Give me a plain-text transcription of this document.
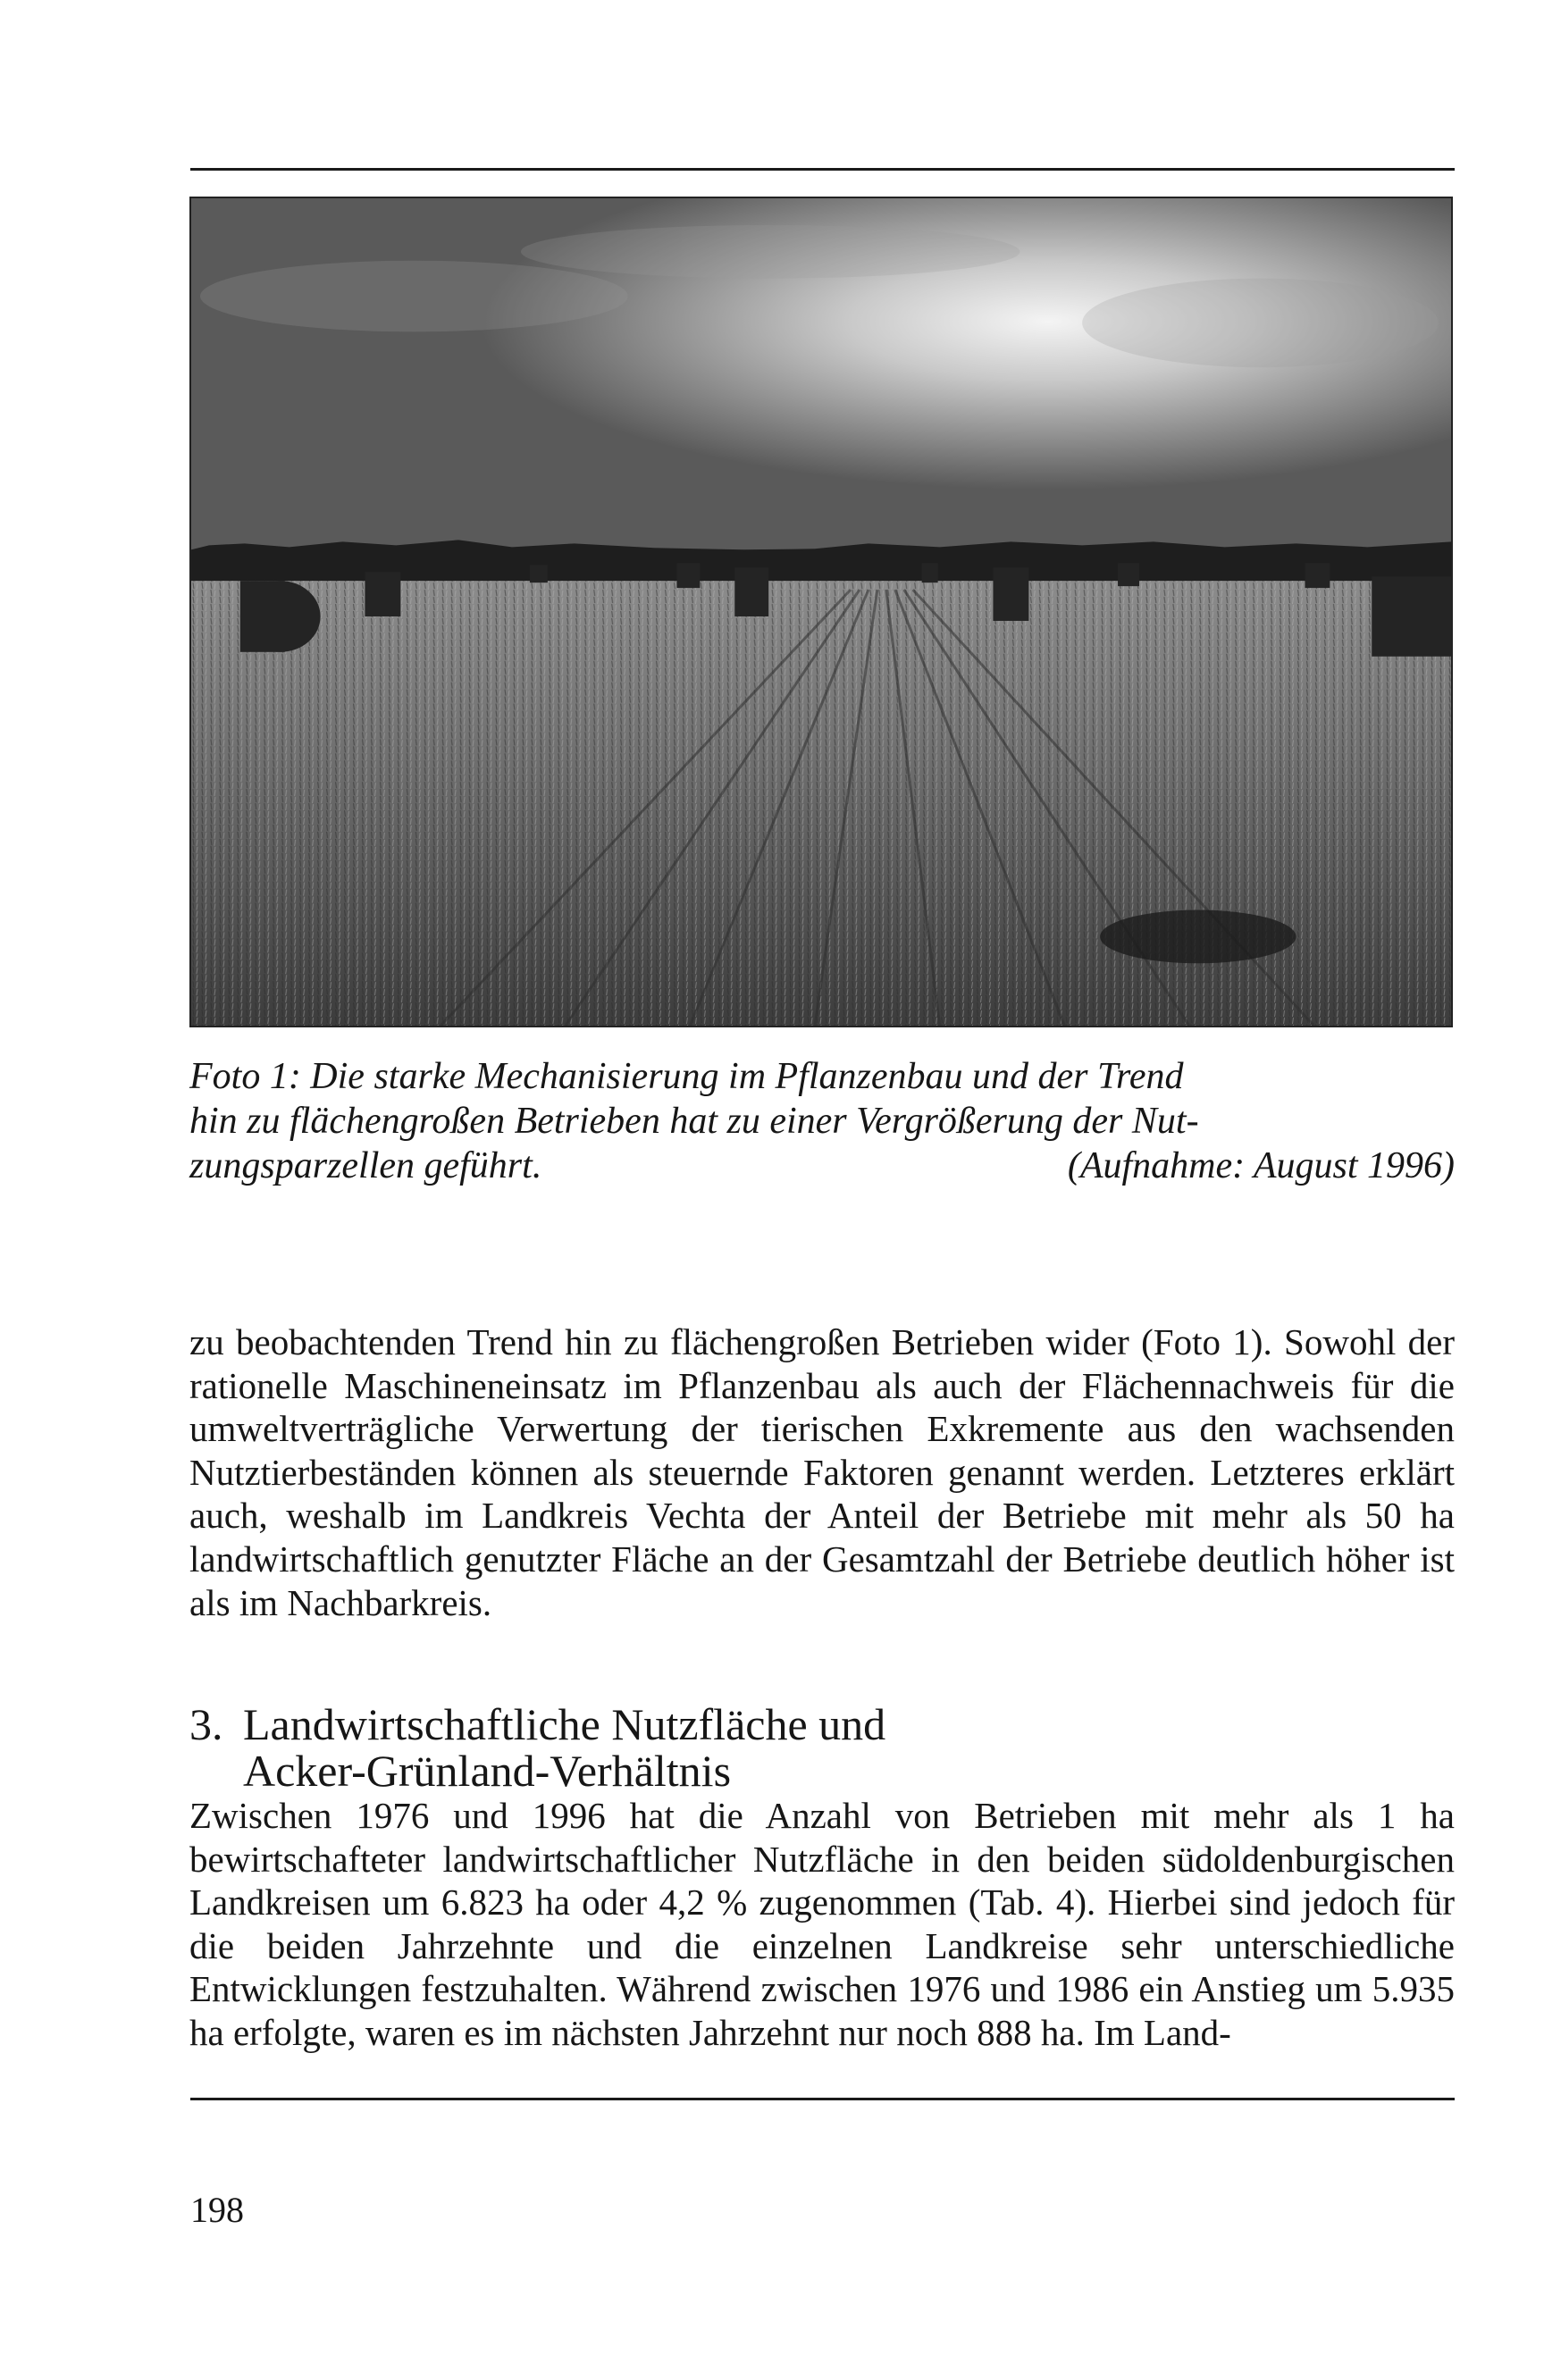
Foto 1: Die starke Mechanisierung im Pflanzenbau und der Trend
hin zu flächengroßen Betrieben hat zu einer Vergrößerung der Nut-
zungsparzellen geführt.	(Aufnahme: August 1996)
zu beobachtenden Trend hin zu flächengroßen Betrieben wider (Foto 1). Sowohl der rationelle Maschineneinsatz im Pflanzenbau als auch der Flächennachweis für die umweltverträgliche Verwertung der tierischen Exkremente aus den wachsenden Nutztierbeständen können als steuernde Faktoren genannt werden. Letzteres erklärt auch, weshalb im Landkreis Vechta der Anteil der Betriebe mit mehr als 50 ha landwirtschaftlich genutzter Fläche an der Gesamtzahl der Betriebe deutlich höher ist als im Nachbarkreis.
3. Landwirtschaftliche Nutzfläche und
Acker-Grünland-Verhältnis
Zwischen 1976 und 1996 hat die Anzahl von Betrieben mit mehr als 1 ha bewirtschafteter landwirtschaftlicher Nutzfläche in den beiden südoldenburgischen Landkreisen um 6.823 ha oder 4,2 % zugenommen (Tab. 4). Hierbei sind jedoch für die beiden Jahrzehnte und die einzelnen Landkreise sehr unterschiedliche Entwicklungen festzuhalten. Während zwischen 1976 und 1986 ein Anstieg um 5.935 ha erfolgte, waren es im nächsten Jahrzehnt nur noch 888 ha. Im Land-
198
